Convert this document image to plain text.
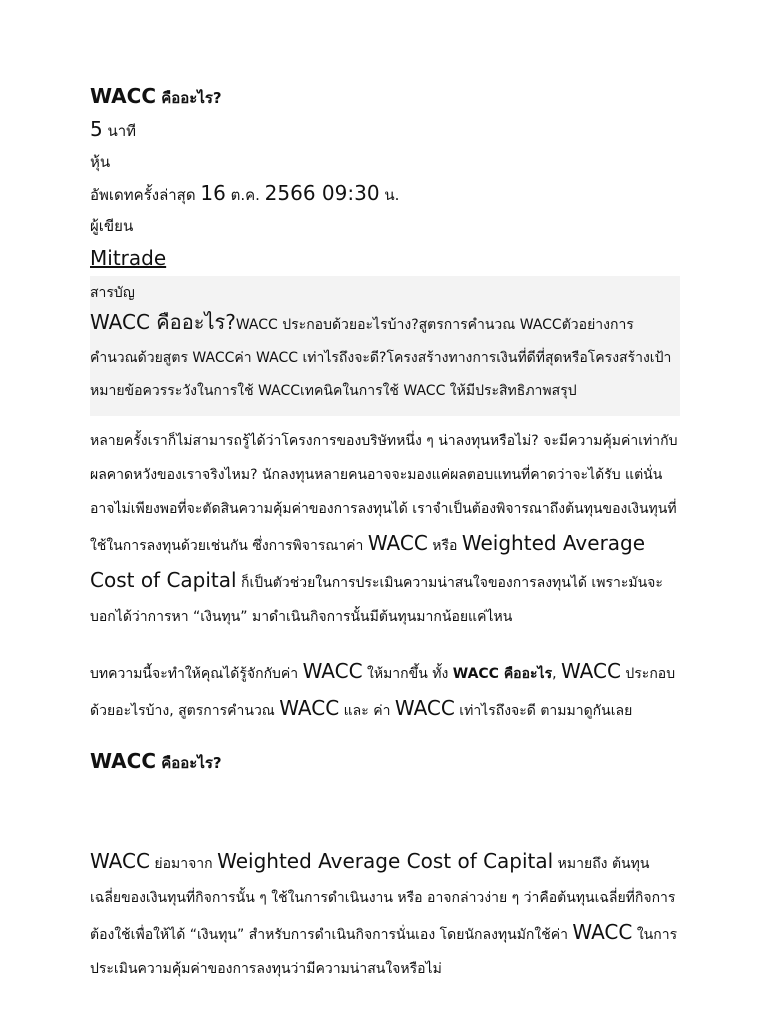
WACC คืออะไร?
5 นาที
หุ้น
อัพเดทครั้งล่าสุด 16 ต.ค. 2566 09:30 น.
ผู้เขียน
Mitrade
สารบัญ
WACC คืออะไร?WACC ประกอบด้วยอะไรบ้าง?สูตรการคำนวณ WACCตัวอย่างการคำนวณด้วยสูตร WACCค่า WACC เท่าไรถึงจะดี?โครงสร้างทางการเงินที่ดีที่สุดหรือโครงสร้างเป้าหมายข้อควรระวังในการใช้ WACCเทคนิคในการใช้ WACC ให้มีประสิทธิภาพสรุป

หลายครั้งเราก็ไม่สามารถรู้ได้ว่าโครงการของบริษัทหนึ่ง ๆ น่าลงทุนหรือไม่? จะมีความคุ้มค่าเท่ากับผลคาดหวังของเราจริงไหม? นักลงทุนหลายคนอาจจะมองแค่ผลตอบแทนที่คาดว่าจะได้รับ แต่นั่นอาจไม่เพียงพอที่จะตัดสินความคุ้มค่าของการลงทุนได้ เราจำเป็นต้องพิจารณาถึงต้นทุนของเงินทุนที่ใช้ในการลงทุนด้วยเช่นกัน ซึ่งการพิจารณาค่า WACC หรือ Weighted Average Cost of Capital ก็เป็นตัวช่วยในการประเมินความน่าสนใจของการลงทุนได้ เพราะมันจะบอกได้ว่าการหา “เงินทุน” มาดำเนินกิจการนั้นมีต้นทุนมากน้อยแค่ไหน

บทความนี้จะทำให้คุณได้รู้จักกับค่า WACC ให้มากขึ้น ทั้ง WACC คืออะไร, WACC ประกอบด้วยอะไรบ้าง, สูตรการคำนวณ WACC และ ค่า WACC เท่าไรถึงจะดี ตามมาดูกันเลย

WACC คืออะไร?

WACC ย่อมาจาก Weighted Average Cost of Capital หมายถึง ต้นทุนเฉลี่ยของเงินทุนที่กิจการนั้น ๆ ใช้ในการดำเนินงาน หรือ อาจกล่าวง่าย ๆ ว่าคือต้นทุนเฉลี่ยที่กิจการต้องใช้เพื่อให้ได้ “เงินทุน” สำหรับการดำเนินกิจการนั่นเอง โดยนักลงทุนมักใช้ค่า WACC ในการประเมินความคุ้มค่าของการลงทุนว่ามีความน่าสนใจหรือไม่
